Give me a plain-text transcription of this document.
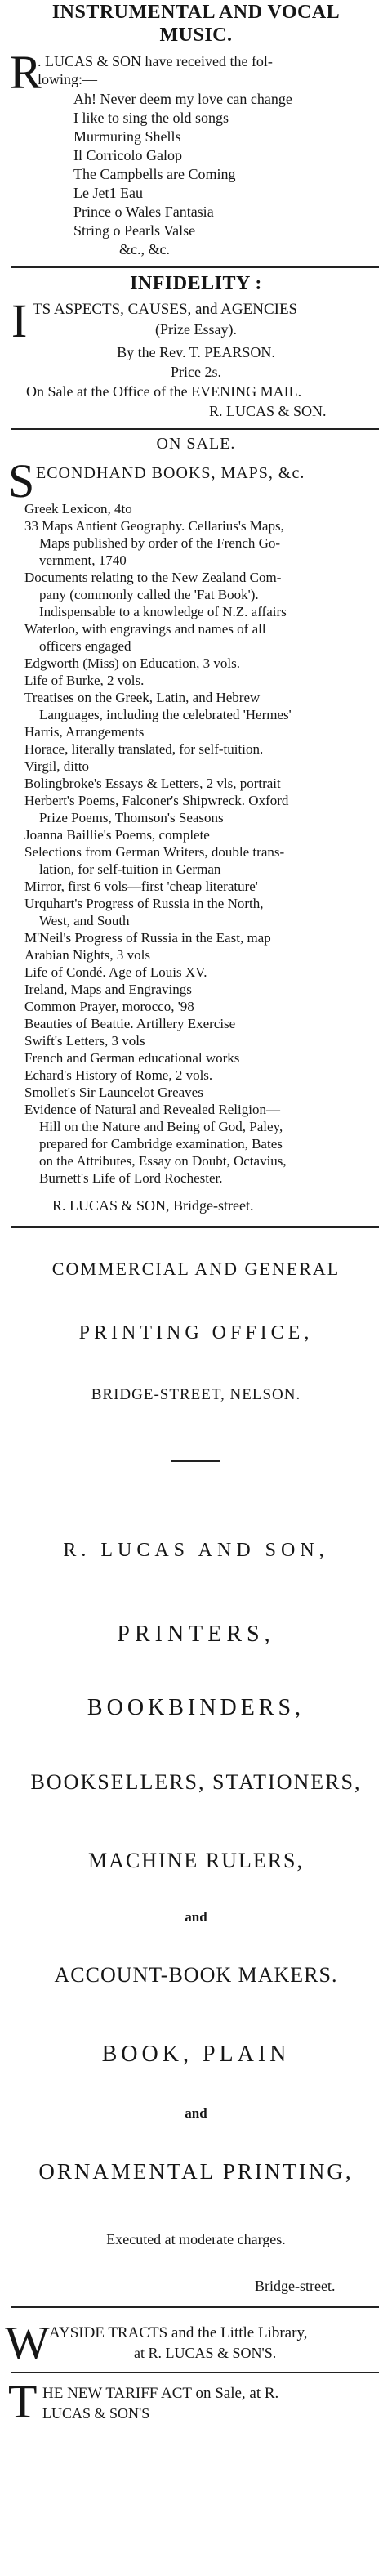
INSTRUMENTAL AND VOCAL
MUSIC.
R
. LUCAS & SON have received the fol-
lowing:—
Ah! Never deem my love can change
I like to sing the old songs
Murmuring Shells
Il Corricolo Galop
The Campbells are Coming
Le Jet1 Eau
Prince o Wales Fantasia
String o Pearls Valse
&c., &c.
INFIDELITY :
I TS ASPECTS, CAUSES, and AGENCIES
(Prize Essay).
By the Rev. T. PEARSON.
Price 2s.
On Sale at the Office of the EVENING MAIL.
R. LUCAS & SON.
ON SALE.
S ECONDHAND BOOKS, MAPS, &c.
Greek Lexicon, 4to
33 Maps Antient Geography. Cellarius's Maps,
Maps published by order of the French Go-
vernment, 1740
Documents relating to the New Zealand Com-
pany (commonly called the 'Fat Book').
Indispensable to a knowledge of N.Z. affairs
Waterloo, with engravings and names of all
officers engaged
Edgworth (Miss) on Education, 3 vols.
Life of Burke, 2 vols.
Treatises on the Greek, Latin, and Hebrew
Languages, including the celebrated 'Hermes'
Harris, Arrangements
Horace, literally translated, for self-tuition.
Virgil, ditto
Bolingbroke's Essays & Letters, 2 vls, portrait
Herbert's Poems, Falconer's Shipwreck. Oxford
Prize Poems, Thomson's Seasons
Joanna Baillie's Poems, complete
Selections from German Writers, double trans-
lation, for self-tuition in German
Mirror, first 6 vols—first 'cheap literature'
Urquhart's Progress of Russia in the North,
West, and South
M'Neil's Progress of Russia in the East, map
Arabian Nights, 3 vols
Life of Condé. Age of Louis XV.
Ireland, Maps and Engravings
Common Prayer, morocco, '98
Beauties of Beattie. Artillery Exercise
Swift's Letters, 3 vols
French and German educational works
Echard's History of Rome, 2 vols.
Smollet's Sir Launcelot Greaves
Evidence of Natural and Revealed Religion—
Hill on the Nature and Being of God, Paley,
prepared for Cambridge examination, Bates
on the Attributes, Essay on Doubt, Octavius,
Burnett's Life of Lord Rochester.
R. LUCAS & SON, Bridge-street.
COMMERCIAL AND GENERAL
PRINTING OFFICE,
BRIDGE-STREET, NELSON.
R. LUCAS AND SON,
PRINTERS,
BOOKBINDERS,
BOOKSELLERS, STATIONERS,
MACHINE RULERS,
and
ACCOUNT-BOOK MAKERS.
BOOK, PLAIN
and
ORNAMENTAL PRINTING,
Executed at moderate charges.
Bridge-street.
W AYSIDE TRACTS and the Little Library,
at R. LUCAS & SON'S.
T HE NEW TARIFF ACT on Sale, at R.
LUCAS & SON'S
